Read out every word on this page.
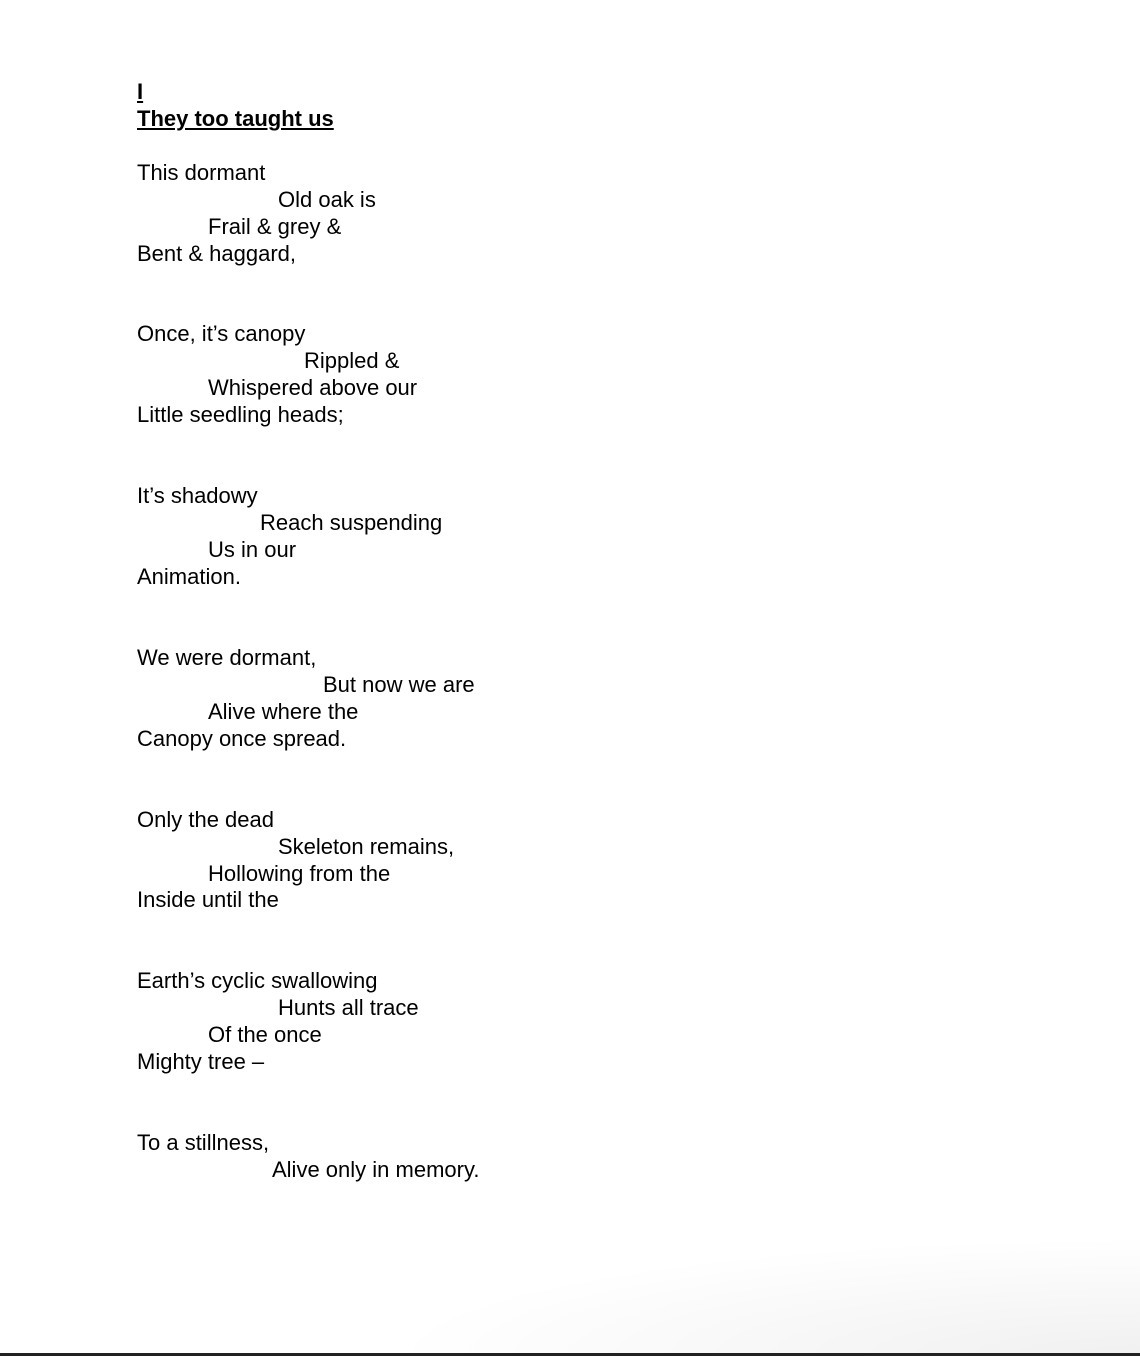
I
They too taught us
This dormant
Old oak is
Frail & grey &
Bent & haggard,
Once, it’s canopy
Rippled &
Whispered above our
Little seedling heads;
It’s shadowy
Reach suspending
Us in our
Animation.
We were dormant,
But now we are
Alive where the
Canopy once spread.
Only the dead
Skeleton remains,
Hollowing from the
Inside until the
Earth’s cyclic swallowing
Hunts all trace
Of the once
Mighty tree –
To a stillness,
Alive only in memory.
